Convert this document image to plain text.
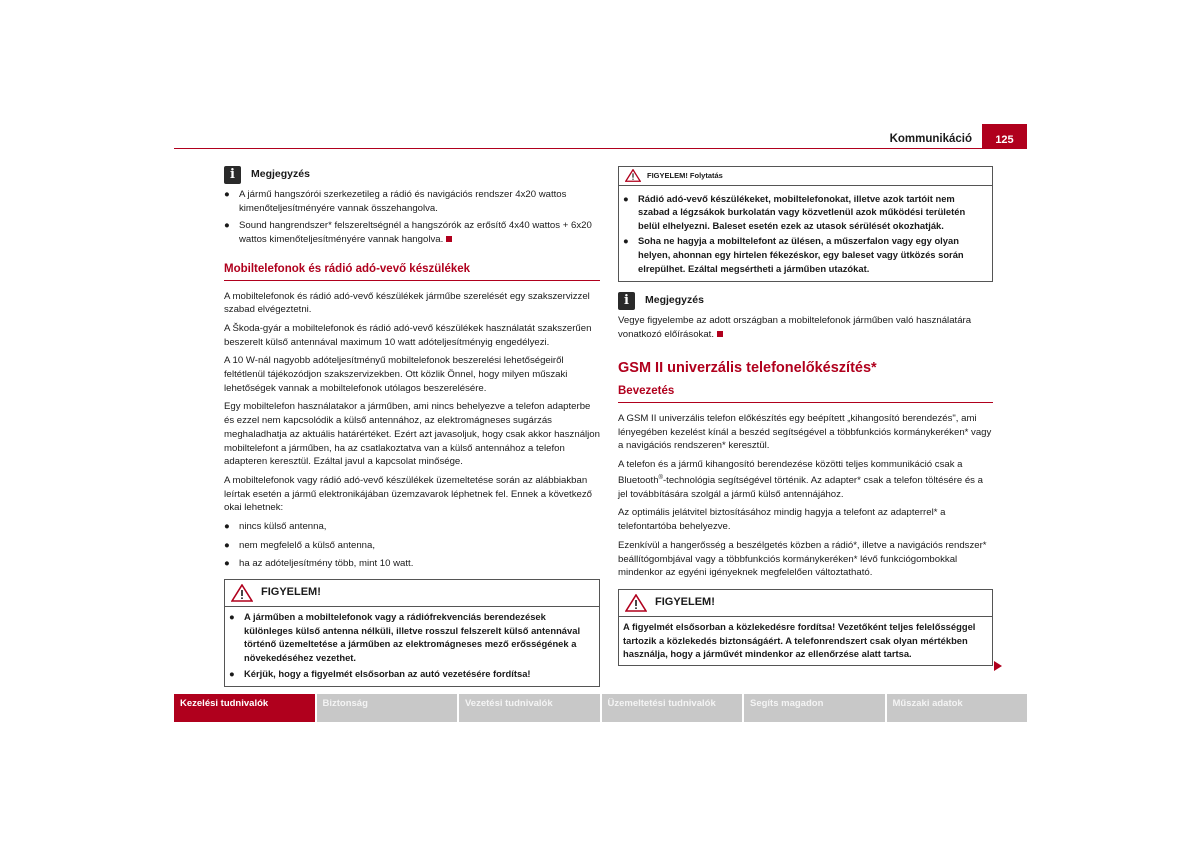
Kommunikáció	125
i	Megjegyzés
● A jármű hangszórói szerkezetileg a rádió és navigációs rendszer 4x20 wattos kimenőteljesítményére vannak összehangolva.
● Sound hangrendszer* felszereltségnél a hangszórók az erősítő 4x40 wattos + 6x20 wattos kimenőteljesítményére vannak hangolva.
Mobiltelefonok és rádió adó-vevő készülékek

A mobiltelefonok és rádió adó-vevő készülékek járműbe szerelését egy szakszervizzel szabad elvégeztetni.

A Škoda-gyár a mobiltelefonok és rádió adó-vevő készülékek használatát szakszerűen beszerelt külső antennával maximum 10 watt adóteljesítményig engedélyezi.

A 10 W-nál nagyobb adóteljesítményű mobiltelefonok beszerelési lehetőségeiről feltétlenül tájékozódjon szakszervizekben. Ott közlik Önnel, hogy milyen műszaki lehetőségek vannak a mobiltelefonok utólagos beszerelésére.

Egy mobiltelefon használatakor a járműben, ami nincs behelyezve a telefon adapterbe és ezzel nem kapcsolódik a külső antennához, az elektromágneses sugárzás meghaladhatja az aktuális határértéket. Ezért azt javasoljuk, hogy csak akkor használjon mobiltelefont a járműben, ha az csatlakoztatva van a külső antennához a telefon adapteren keresztül. Ezáltal javul a kapcsolat minősége.

A mobiltelefonok vagy rádió adó-vevő készülékek üzemeltetése során az alábbiakban leírtak esetén a jármű elektronikájában üzemzavarok léphetnek fel. Ennek a következő okai lehetnek:

● nincs külső antenna,
● nem megfelelő a külső antenna,
● ha az adóteljesítmény több, mint 10 watt.
FIGYELEM!
● A járműben a mobiltelefonok vagy a rádiófrekvenciás berendezések különleges külső antenna nélküli, illetve rosszul felszerelt külső antennával történő üzemeltetése a járműben az elektromágneses mező erősségének a növekedéséhez vezethet.
● Kérjük, hogy a figyelmét elsősorban az autó vezetésére fordítsa!
FIGYELEM! Folytatás
● Rádió adó-vevő készülékeket, mobiltelefonokat, illetve azok tartóit nem szabad a légzsákok burkolatán vagy közvetlenül azok működési területén belül elhelyezni. Baleset esetén ezek az utasok sérülését okozhatják.
● Soha ne hagyja a mobiltelefont az ülésen, a műszerfalon vagy egy olyan helyen, ahonnan egy hirtelen fékezéskor, egy baleset vagy ütközés során elrepülhet. Ezáltal megsértheti a járműben utazókat.
i	Megjegyzés

Vegye figyelembe az adott országban a mobiltelefonok járműben való használatára vonatkozó előírásokat.

GSM II univerzális telefonelőkészítés*
Bevezetés

A GSM II univerzális telefon előkészítés egy beépített „kihangosító berendezés", ami lényegében kezelést kínál a beszéd segítségével a többfunkciós kormánykeréken* vagy a navigációs rendszeren* keresztül.

A telefon és a jármű kihangosító berendezése közötti teljes kommunikáció csak a Bluetooth®-technológia segítségével történik. Az adapter* csak a telefon töltésére és a jel továbbítására szolgál a jármű külső antennájához.

Az optimális jelátvitel biztosításához mindig hagyja a telefont az adapterrel* a telefontartóba behelyezve.

Ezenkívül a hangerősség a beszélgetés közben a rádió*, illetve a navigációs rendszer* beállítógombjával vagy a többfunkciós kormánykeréken* lévő funkciógombokkal mindenkor az egyéni igényeknek megfelelően változtatható.

FIGYELEM!
A figyelmét elsősorban a közlekedésre fordítsa! Vezetőként teljes felelősséggel tartozik a közlekedés biztonságáért. A telefonrendszert csak olyan mértékben használja, hogy a járművét mindenkor az ellenőrzése alatt tartsa.
Kezelési tudnivalók	Biztonság	Vezetési tudnivalók	Üzemeltetési tudnivalók	Segíts magadon	Műszaki adatok
